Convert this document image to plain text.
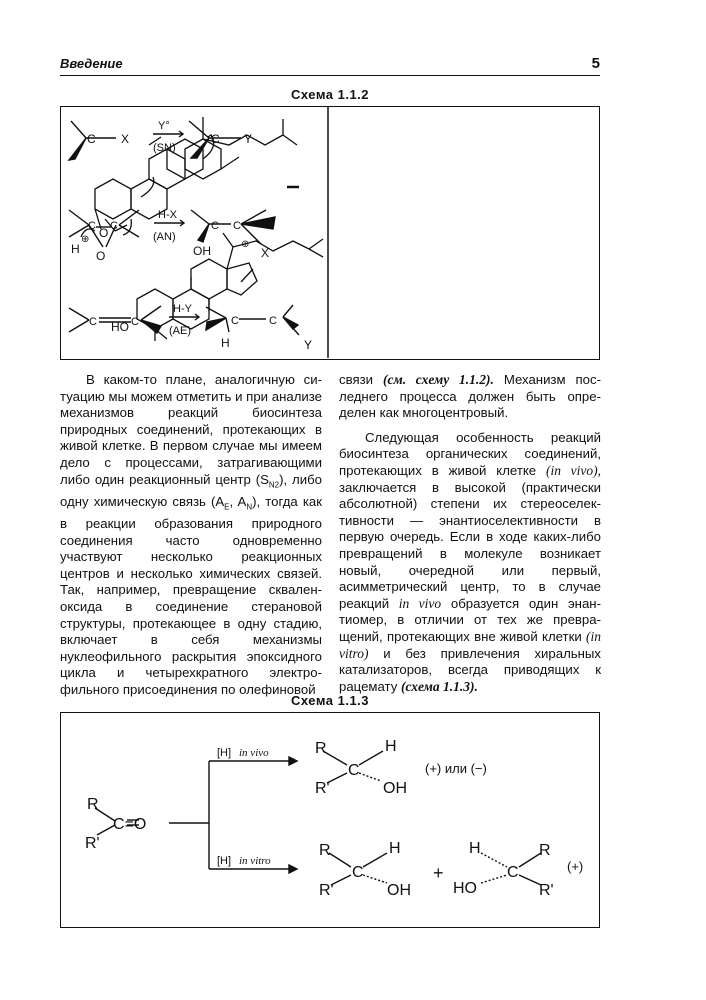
Введение	5
Схема 1.1.2
C X
Y°
(SN)
C Y
C C
O
H-X
(AN)
C C
OH	X
C	C
H-Y
(AE)
C	C
H	Y
H
⊕ O
⊕
HO

В каком-то плане, аналогичную ситуацию мы можем отметить и при анализе механизмов реакций биосинтеза природных соединений, протекающих в живой клетке. В первом случае мы имеем дело с процессами, затрагивающими либо один реакционный центр $(S_{N2})$, либо одну химическую связь ($A_E$, $A_N$), тогда как в реакции образования природного соединения часто одновременно участвуют несколько реакционных центров и несколько химических связей. Так, например, превращение сквален-оксида в соединение стерановой структуры, протекающее в одну стадию, включает в себя механизмы нуклеофильного раскрытия эпоксидного цикла и четырехкратного электрофильного присоединения по олефиновой

связи (см. схему 1.1.2). Механизм последнего процесса должен быть определен как многоцентровый.

Следующая особенность реакций биосинтеза органических соединений, протекающих в живой клетке (in vivo), заключается в высокой (практически абсолютной) степени их стереоселективности — энантиоселективности в первую очередь. Если в ходе каких-либо превращений в молекуле возникает новый, очередной или первый, асимметрический центр, то в случае реакций in vivo образуется один энантиомер, в отличии от тех же превращений, протекающих вне живой клетки (in vitro) и без привлечения хиральных катализаторов, всегда приводящих к рацемату (схема 1.1.3).

Схема 1.1.3
R
R'
C=O
[H] in vivo
[H] in vitro
R
R'
C
H
OH
(+) или (−)
R
R'
C
H
OH
+
H
HO
C
R
R'
(+)
